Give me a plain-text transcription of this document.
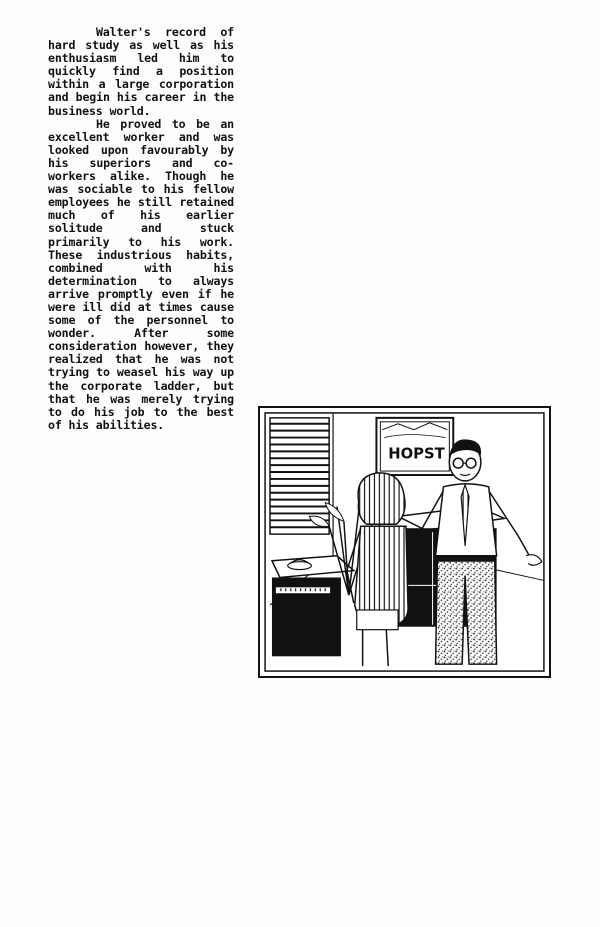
Walter's record of hard study as well as his enthusiasm led him to quickly find a position within a large corporation and begin his career in the business world.

He proved to be an excellent worker and was looked upon favourably by his superiors and co-workers alike. Though he was sociable to his fellow employees he still retained much of his earlier solitude and stuck primarily to his work. These industrious habits, combined with his determination to always arrive promptly even if he were ill did at times cause some of the personnel to wonder. After some consideration however, they realized that he was not trying to weasel his way up the corporate ladder, but that he was merely trying to do his job to the best of his abilities.

HOPST
